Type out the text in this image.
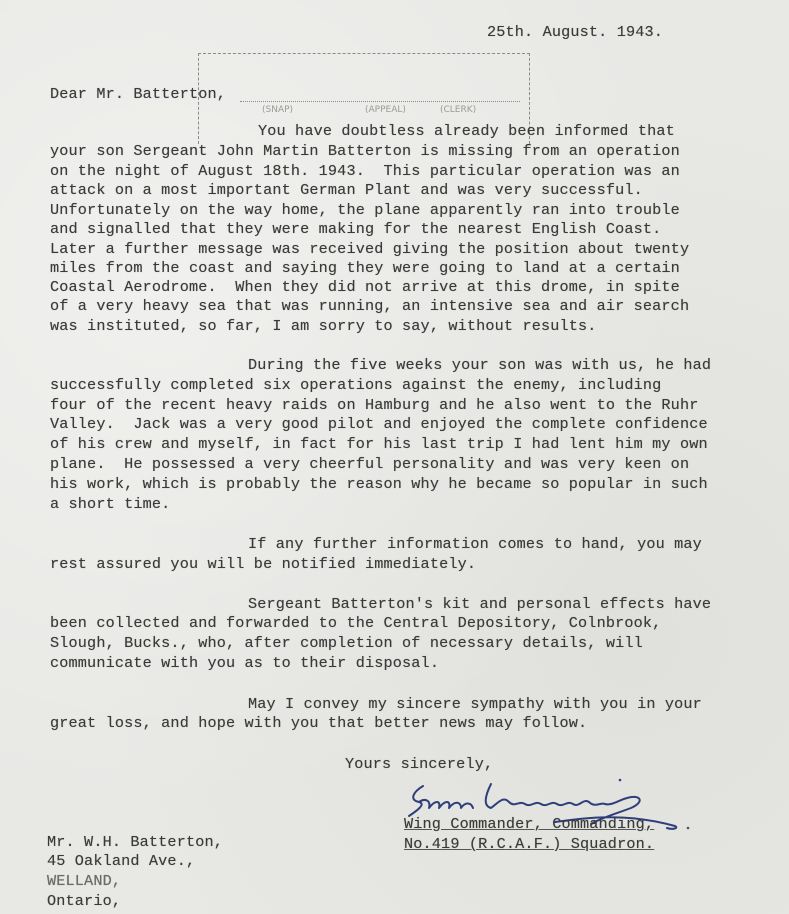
(SNAP)	(APPEAL)	(CLERK)
25th. August. 1943.
Dear Mr. Batterton,
You have doubtless already been informed that
your son Sergeant John Martin Batterton is missing from an operation
on the night of August 18th. 1943.  This particular operation was an
attack on a most important German Plant and was very successful.
Unfortunately on the way home, the plane apparently ran into trouble
and signalled that they were making for the nearest English Coast.
Later a further message was received giving the position about twenty
miles from the coast and saying they were going to land at a certain
Coastal Aerodrome.  When they did not arrive at this drome, in spite
of a very heavy sea that was running, an intensive sea and air search
was instituted, so far, I am sorry to say, without results.
During the five weeks your son was with us, he had
successfully completed six operations against the enemy, including
four of the recent heavy raids on Hamburg and he also went to the Ruhr
Valley.  Jack was a very good pilot and enjoyed the complete confidence
of his crew and myself, in fact for his last trip I had lent him my own
plane.  He possessed a very cheerful personality and was very keen on
his work, which is probably the reason why he became so popular in such
a short time.
If any further information comes to hand, you may
rest assured you will be notified immediately.
Sergeant Batterton's kit and personal effects have
been collected and forwarded to the Central Depository, Colnbrook,
Slough, Bucks., who, after completion of necessary details, will
communicate with you as to their disposal.
May I convey my sincere sympathy with you in your
great loss, and hope with you that better news may follow.
Yours sincerely,
Wing Commander, Commanding,
No.419 (R.C.A.F.) Squadron.
Mr. W.H. Batterton,
45 Oakland Ave.,
WELLAND,
Ontario,
